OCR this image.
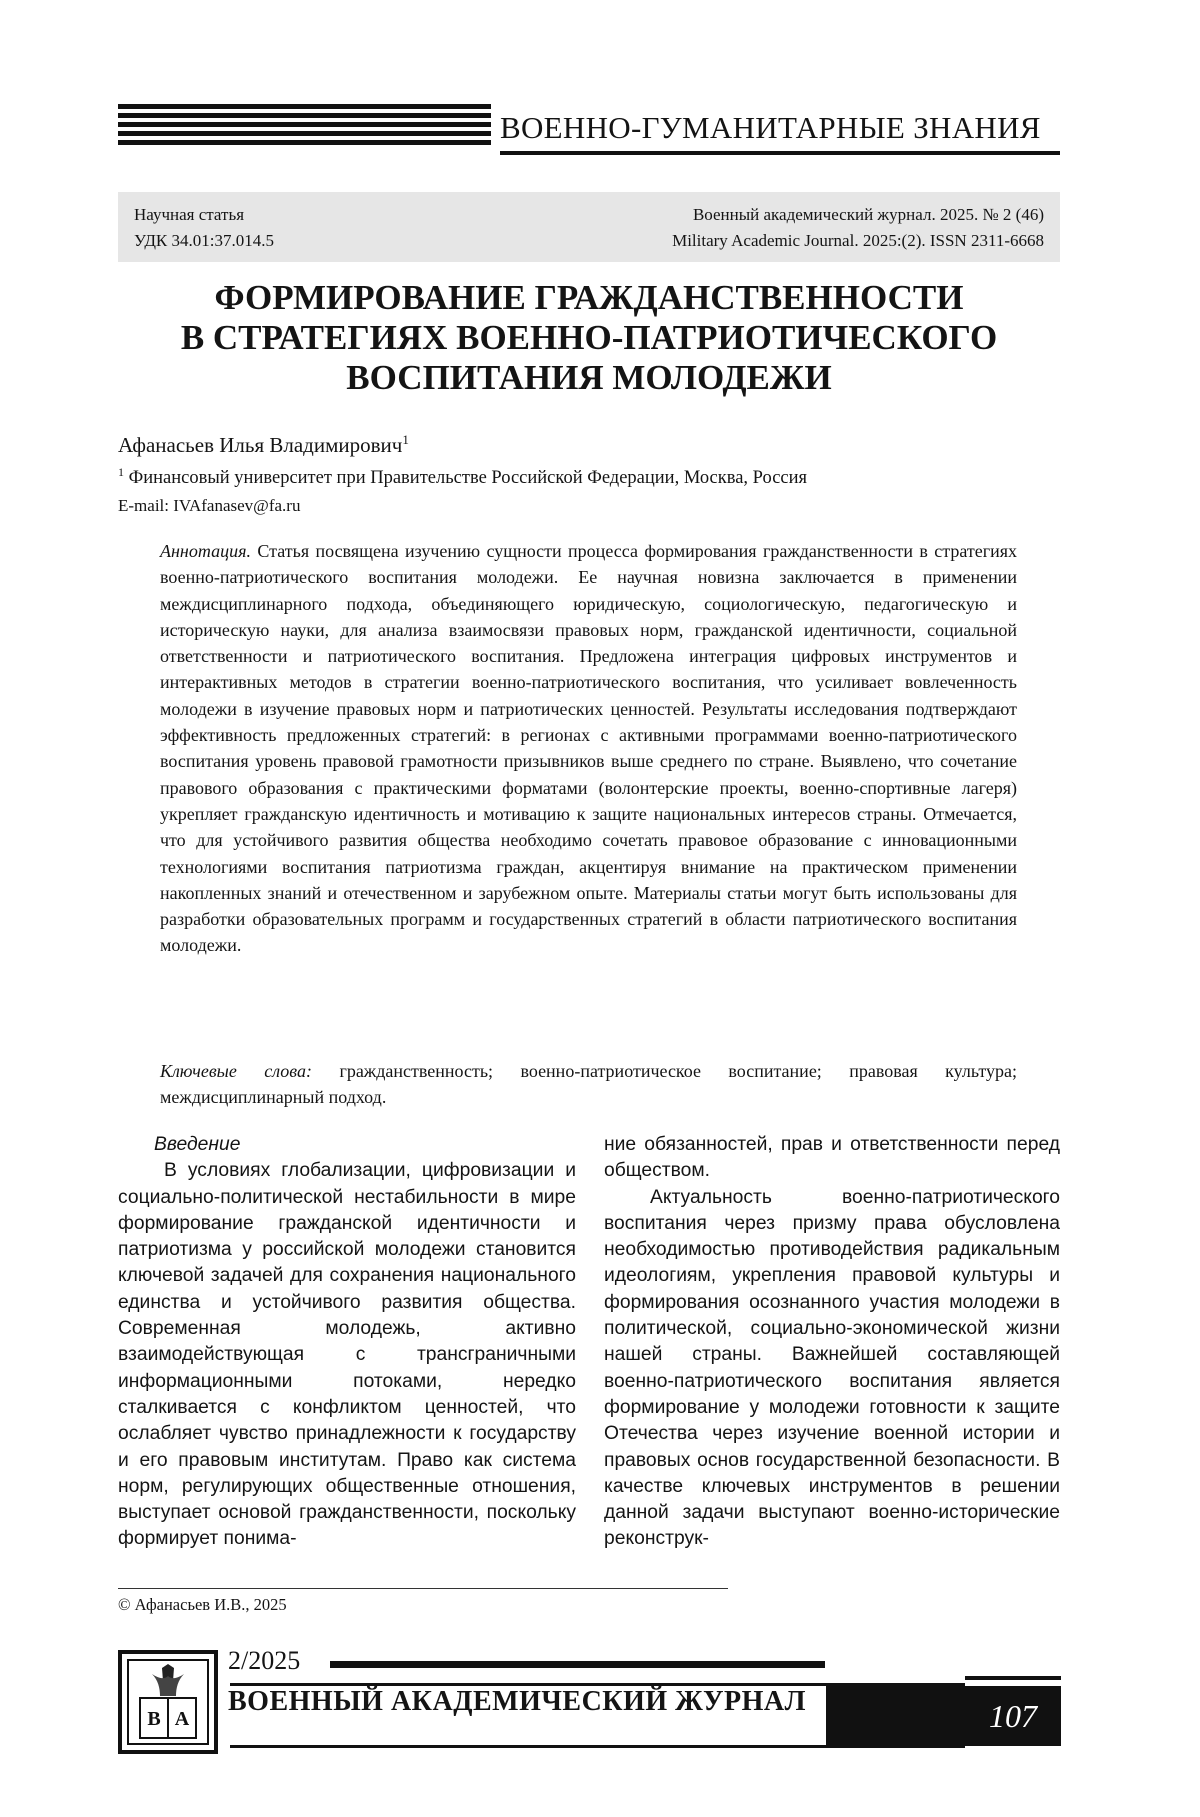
ВОЕННО-ГУМАНИТАРНЫЕ ЗНАНИЯ
Научная статья
УДК 34.01:37.014.5
Военный академический журнал. 2025. № 2 (46)
Military Academic Journal. 2025:(2). ISSN 2311-6668
ФОРМИРОВАНИЕ ГРАЖДАНСТВЕННОСТИ
В СТРАТЕГИЯХ ВОЕННО-ПАТРИОТИЧЕСКОГО
ВОСПИТАНИЯ МОЛОДЕЖИ
Афанасьев Илья Владимирович$^1$
$^1$ Финансовый университет при Правительстве Российской Федерации, Москва, Россия
E-mail: IVAfanasev@fa.ru
Аннотация. Статья посвящена изучению сущности процесса формирования гражданственности в стратегиях военно-патриотического воспитания молодежи. Ее научная новизна заключается в применении междисциплинарного подхода, объединяющего юридическую, социологическую, педагогическую и историческую науки, для анализа взаимосвязи правовых норм, гражданской идентичности, социальной ответственности и патриотического воспитания. Предложена интеграция цифровых инструментов и интерактивных методов в стратегии военно-патриотического воспитания, что усиливает вовлеченность молодежи в изучение правовых норм и патриотических ценностей. Результаты исследования подтверждают эффективность предложенных стратегий: в регионах с активными программами военно-патриотического воспитания уровень правовой грамотности призывников выше среднего по стране. Выявлено, что сочетание правового образования с практическими форматами (волонтерские проекты, военно-спортивные лагеря) укрепляет гражданскую идентичность и мотивацию к защите национальных интересов страны. Отмечается, что для устойчивого развития общества необходимо сочетать правовое образование с инновационными технологиями воспитания патриотизма граждан, акцентируя внимание на практическом применении накопленных знаний и отечественном и зарубежном опыте. Материалы статьи могут быть использованы для разработки образовательных программ и государственных стратегий в области патриотического воспитания молодежи.
Ключевые слова: гражданственность; военно-патриотическое воспитание; правовая культура; междисциплинарный подход.

Введение

В условиях глобализации, цифровизации и социально-политической нестабильности в мире формирование гражданской идентичности и патриотизма у российской молодежи становится ключевой задачей для сохранения национального единства и устойчивого развития общества. Современная молодежь, активно взаимодействующая с трансграничными информационными потоками, нередко сталкивается с конфликтом ценностей, что ослабляет чувство принадлежности к государству и его правовым институтам. Право как система норм, регулирующих общественные отношения, выступает основой гражданственности, поскольку формирует понима-

ние обязанностей, прав и ответственности перед обществом.

Актуальность военно-патриотического воспитания через призму права обусловлена необходимостью противодействия радикальным идеологиям, укрепления правовой культуры и формирования осознанного участия молодежи в политической, социально-экономической жизни нашей страны. Важнейшей составляющей военно-патриотического воспитания является формирование у молодежи готовности к защите Отечества через изучение военной истории и правовых основ государственной безопасности. В качестве ключевых инструментов в решении данной задачи выступают военно-исторические реконструк-

© Афанасьев И.В., 2025
В А
2/2025
ВОЕННЫЙ АКАДЕМИЧЕСКИЙ ЖУРНАЛ	107
